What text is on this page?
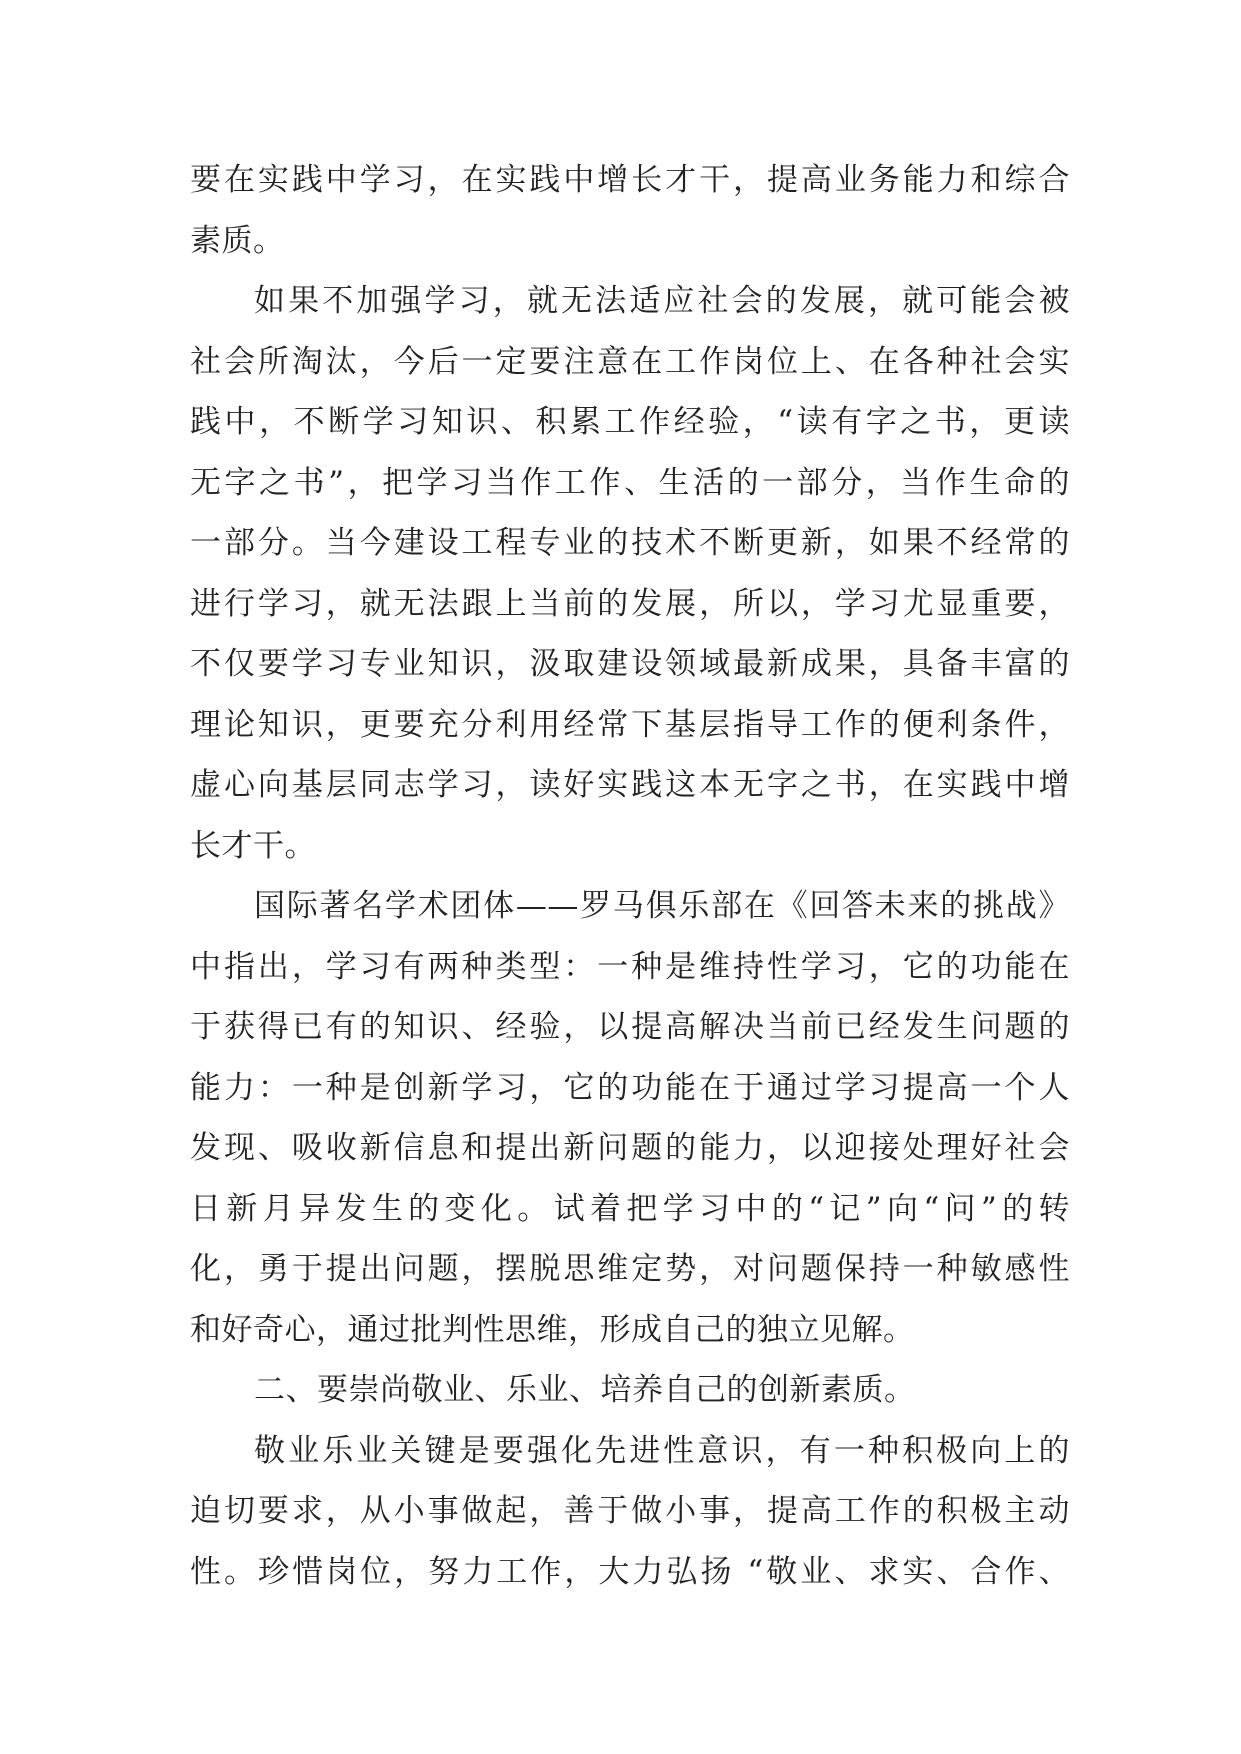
要在实践中学习，在实践中增长才干，提高业务能力和综合
素质。
如果不加强学习，就无法适应社会的发展，就可能会被
社会所淘汰，今后一定要注意在工作岗位上、在各种社会实
践中，不断学习知识、积累工作经验，“读有字之书，更读
无字之书”，把学习当作工作、生活的一部分，当作生命的
一部分。当今建设工程专业的技术不断更新，如果不经常的
进行学习，就无法跟上当前的发展，所以，学习尤显重要，
不仅要学习专业知识，汲取建设领域最新成果，具备丰富的
理论知识，更要充分利用经常下基层指导工作的便利条件，
虚心向基层同志学习，读好实践这本无字之书，在实践中增
长才干。
国际著名学术团体——罗马俱乐部在《回答未来的挑战》
中指出，学习有两种类型：一种是维持性学习，它的功能在
于获得已有的知识、经验，以提高解决当前已经发生问题的
能力：一种是创新学习，它的功能在于通过学习提高一个人
发现、吸收新信息和提出新问题的能力，以迎接处理好社会
日新月异发生的变化。试着把学习中的“记”向“问”的转
化，勇于提出问题，摆脱思维定势，对问题保持一种敏感性
和好奇心，通过批判性思维，形成自己的独立见解。
二、要崇尚敬业、乐业、培养自己的创新素质。
敬业乐业关键是要强化先进性意识，有一种积极向上的
迫切要求，从小事做起，善于做小事，提高工作的积极主动
性。珍惜岗位，努力工作，大力弘扬 “敬业、求实、合作、
